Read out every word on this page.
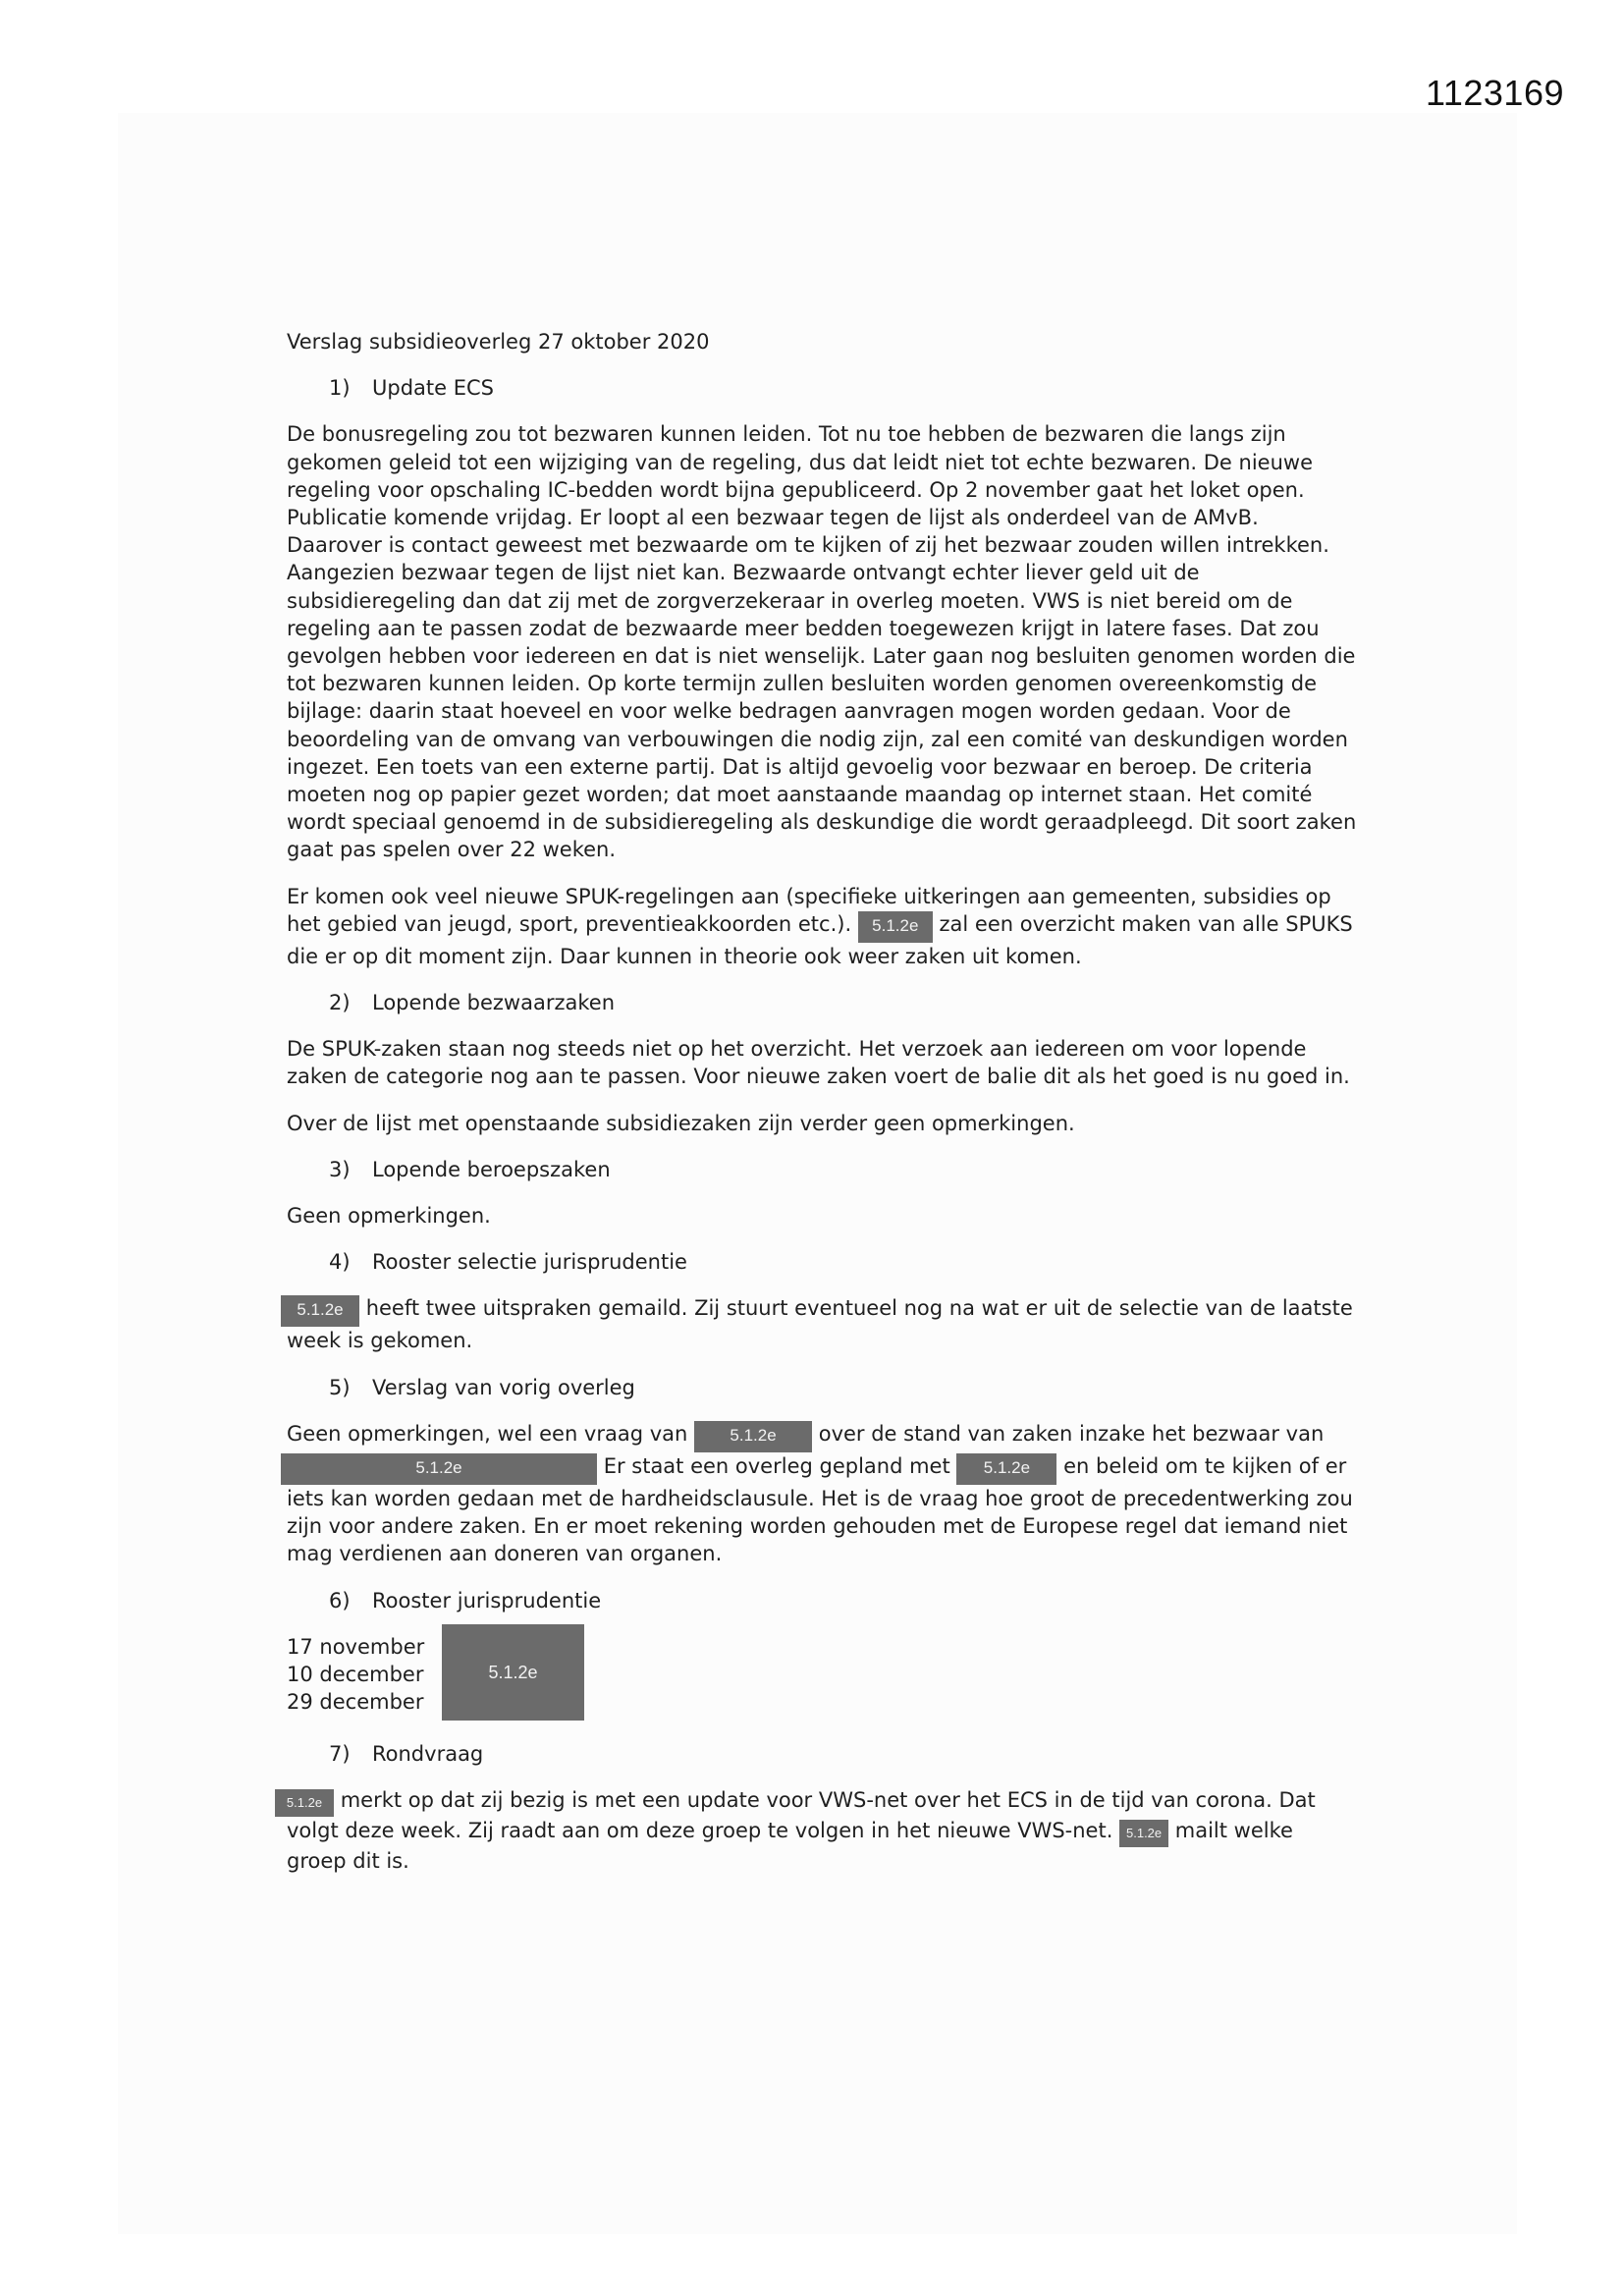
1123169

Verslag subsidieoverleg 27 oktober 2020

1) Update ECS

De bonusregeling zou tot bezwaren kunnen leiden. Tot nu toe hebben de bezwaren die langs zijn gekomen geleid tot een wijziging van de regeling, dus dat leidt niet tot echte bezwaren. De nieuwe regeling voor opschaling IC-bedden wordt bijna gepubliceerd. Op 2 november gaat het loket open. Publicatie komende vrijdag. Er loopt al een bezwaar tegen de lijst als onderdeel van de AMvB. Daarover is contact geweest met bezwaarde om te kijken of zij het bezwaar zouden willen intrekken. Aangezien bezwaar tegen de lijst niet kan. Bezwaarde ontvangt echter liever geld uit de subsidieregeling dan dat zij met de zorgverzekeraar in overleg moeten. VWS is niet bereid om de regeling aan te passen zodat de bezwaarde meer bedden toegewezen krijgt in latere fases. Dat zou gevolgen hebben voor iedereen en dat is niet wenselijk. Later gaan nog besluiten genomen worden die tot bezwaren kunnen leiden. Op korte termijn zullen besluiten worden genomen overeenkomstig de bijlage: daarin staat hoeveel en voor welke bedragen aanvragen mogen worden gedaan. Voor de beoordeling van de omvang van verbouwingen die nodig zijn, zal een comité van deskundigen worden ingezet. Een toets van een externe partij. Dat is altijd gevoelig voor bezwaar en beroep. De criteria moeten nog op papier gezet worden; dat moet aanstaande maandag op internet staan. Het comité wordt speciaal genoemd in de subsidieregeling als deskundige die wordt geraadpleegd. Dit soort zaken gaat pas spelen over 22 weken.

Er komen ook veel nieuwe SPUK-regelingen aan (specifieke uitkeringen aan gemeenten, subsidies op het gebied van jeugd, sport, preventieakkoorden etc.). 5.1.2e zal een overzicht maken van alle SPUKS die er op dit moment zijn. Daar kunnen in theorie ook weer zaken uit komen.

2) Lopende bezwaarzaken

De SPUK-zaken staan nog steeds niet op het overzicht. Het verzoek aan iedereen om voor lopende zaken de categorie nog aan te passen. Voor nieuwe zaken voert de balie dit als het goed is nu goed in.

Over de lijst met openstaande subsidiezaken zijn verder geen opmerkingen.

3) Lopende beroepszaken

Geen opmerkingen.

4) Rooster selectie jurisprudentie

5.1.2e heeft twee uitspraken gemaild. Zij stuurt eventueel nog na wat er uit de selectie van de laatste week is gekomen.

5) Verslag van vorig overleg

Geen opmerkingen, wel een vraag van	5.1.2e over de stand van zaken inzake het bezwaar van 5.1.2e	Er staat een overleg gepland met 5.1.2e en beleid om te kijken of er iets kan worden gedaan met de hardheidsclausule. Het is de vraag hoe groot de precedentwerking zou zijn voor andere zaken. En er moet rekening worden gehouden met de Europese regel dat iemand niet mag verdienen aan doneren van organen.

6) Rooster jurisprudentie

17 november
10 december
29 december
5.1.2e

7) Rondvraag

5.1.2e merkt op dat zij bezig is met een update voor VWS-net over het ECS in de tijd van corona. Dat volgt deze week. Zij raadt aan om deze groep te volgen in het nieuwe VWS-net. 5.1.2e mailt welke groep dit is.
